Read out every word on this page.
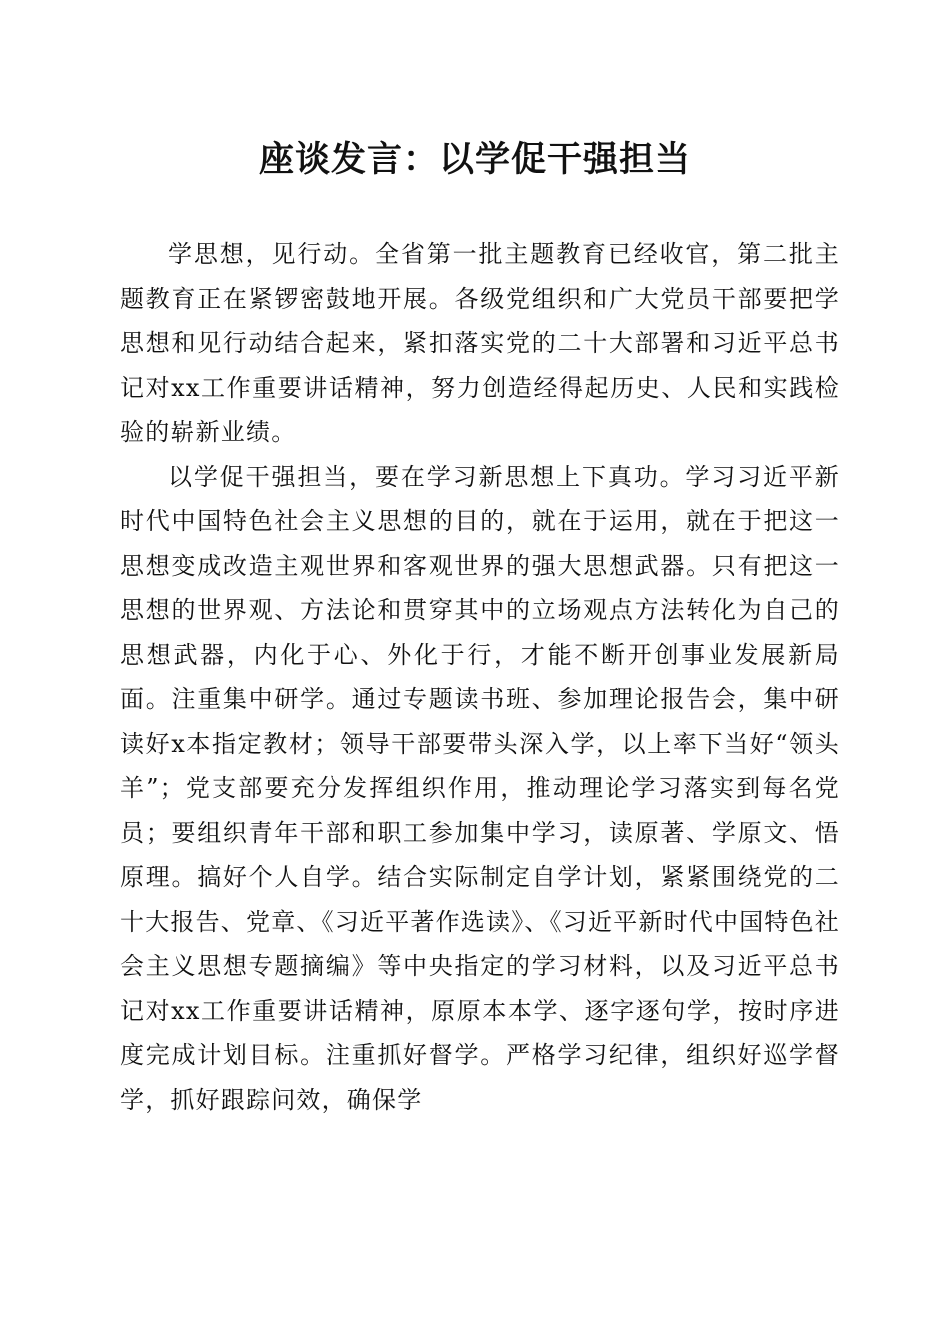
座谈发言：以学促干强担当

学思想，见行动。全省第一批主题教育已经收官，第二批主题教育正在紧锣密鼓地开展。各级党组织和广大党员干部要把学思想和见行动结合起来，紧扣落实党的二十大部署和习近平总书记对xx工作重要讲话精神，努力创造经得起历史、人民和实践检验的崭新业绩。

以学促干强担当，要在学习新思想上下真功。学习习近平新时代中国特色社会主义思想的目的，就在于运用，就在于把这一思想变成改造主观世界和客观世界的强大思想武器。只有把这一思想的世界观、方法论和贯穿其中的立场观点方法转化为自己的思想武器，内化于心、外化于行，才能不断开创事业发展新局面。注重集中研学。通过专题读书班、参加理论报告会，集中研读好x本指定教材；领导干部要带头深入学，以上率下当好“领头羊”；党支部要充分发挥组织作用，推动理论学习落实到每名党员；要组织青年干部和职工参加集中学习，读原著、学原文、悟原理。搞好个人自学。结合实际制定自学计划，紧紧围绕党的二十大报告、党章、《习近平著作选读》、《习近平新时代中国特色社会主义思想专题摘编》等中央指定的学习材料，以及习近平总书记对xx工作重要讲话精神，原原本本学、逐字逐句学，按时序进度完成计划目标。注重抓好督学。严格学习纪律，组织好巡学督学，抓好跟踪问效，确保学
